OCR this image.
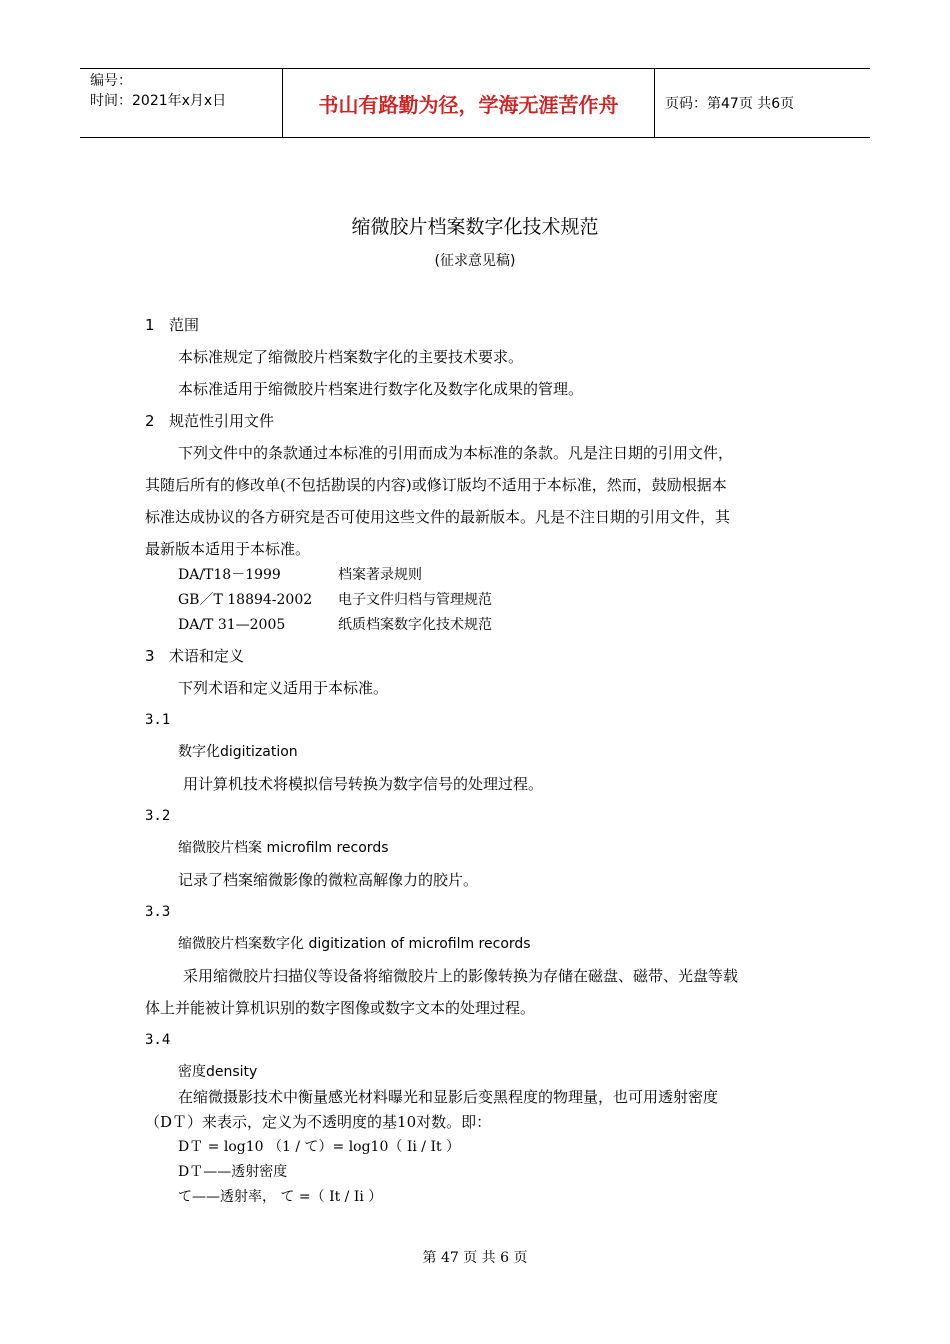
编号：
时间：2021年x月x日	书山有路勤为径，学海无涯苦作舟	页码：第47页 共6页
缩微胶片档案数字化技术规范
(征求意见稿)
1 范围
本标准规定了缩微胶片档案数字化的主要技术要求。
本标准适用于缩微胶片档案进行数字化及数字化成果的管理。
2 规范性引用文件
下列文件中的条款通过本标准的引用而成为本标准的条款。凡是注日期的引用文件，
其随后所有的修改单(不包括勘误的内容)或修订版均不适用于本标准，然而，鼓励根据本
标准达成协议的各方研究是否可使用这些文件的最新版本。凡是不注日期的引用文件，其
最新版本适用于本标准。
DA/T18－1999	档案著录规则
GB／T 18894-2002 电子文件归档与管理规范
DA/T 31—2005	纸质档案数字化技术规范
3 术语和定义
下列术语和定义适用于本标准。
3.1
数字化digitization
用计算机技术将模拟信号转换为数字信号的处理过程。
3.2
缩微胶片档案 microfilm records
记录了档案缩微影像的微粒高解像力的胶片。
3.3
缩微胶片档案数字化 digitization of microfilm records
采用缩微胶片扫描仪等设备将缩微胶片上的影像转换为存储在磁盘、磁带、光盘等载
体上并能被计算机识别的数字图像或数字文本的处理过程。
3.4
密度density
在缩微摄影技术中衡量感光材料曝光和显影后变黑程度的物理量，也可用透射密度
（DＴ）来表示，定义为不透明度的基10对数。即：
DＴ = log10 （1 / て）= log10（ Ii / It ）
DＴ——透射密度
て——透射率， て =（ It / Ii ）
第 47 页 共 6 页
